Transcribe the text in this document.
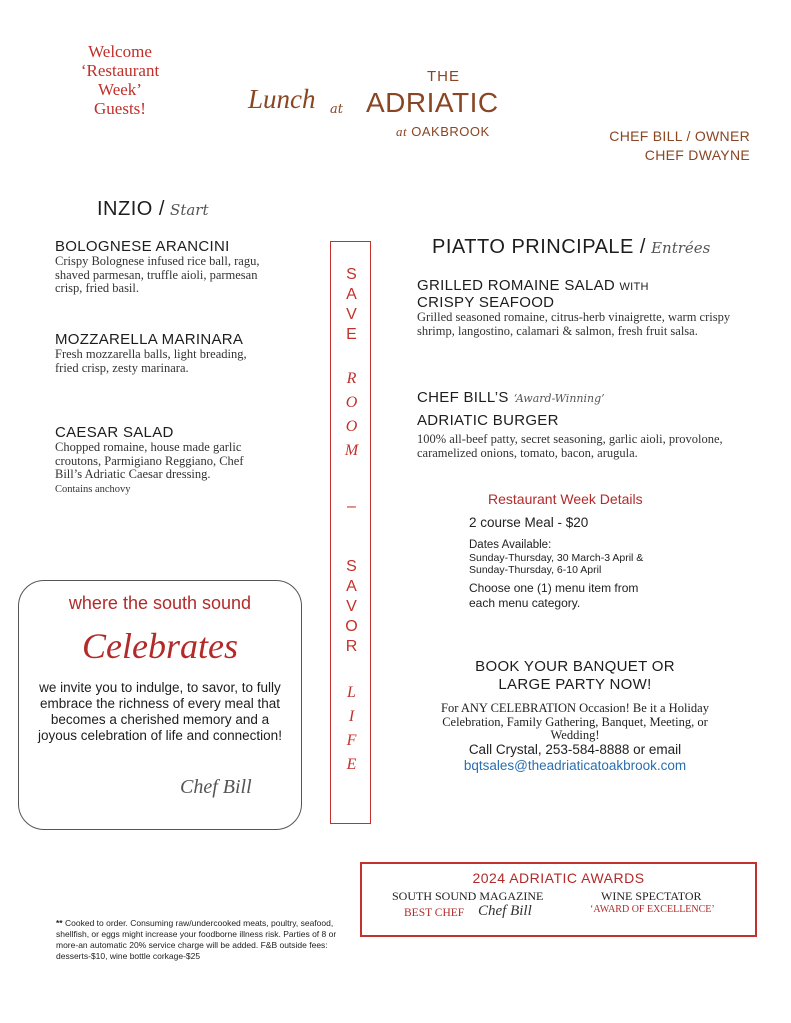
Welcome
‘Restaurant Week’
Guests!	Lunch at
THE
ADRIATIC
at OAKBROOK	CHEF BILL / OWNER
CHEF DWAYNE
INZIO / Start
BOLOGNESE ARANCINI
Crispy Bolognese infused rice ball, ragu, shaved parmesan, truffle aioli, parmesan crisp, fried basil.
MOZZARELLA MARINARA
Fresh mozzarella balls, light breading, fried crisp, zesty marinara.
CAESAR SALAD
Chopped romaine, house made garlic croutons, Parmigiano Reggiano, Chef Bill’s Adriatic Caesar dressing.
Contains anchovy
S
A
V
E
R
O
O
M
–
S
A
V
O
R
L
I
F
E
PIATTO PRINCIPALE / Entrées
GRILLED ROMAINE SALAD WITH
CRISPY SEAFOOD
Grilled seasoned romaine, citrus-herb vinaigrette, warm crispy shrimp, langostino, calamari & salmon, fresh fruit salsa.
CHEF BILL’S ‘Award-Winning’
ADRIATIC BURGER
100% all-beef patty, secret seasoning, garlic aioli, provolone, caramelized onions, tomato, bacon, arugula.
Restaurant Week Details
2 course Meal - $20
Dates Available:
Sunday-Thursday, 30 March-3 April &
Sunday-Thursday, 6-10 April
Choose one (1) menu item from
each menu category.
where the south sound
Celebrates
we invite you to indulge, to savor, to fully embrace the richness of every meal that becomes a cherished memory and a joyous celebration of life and connection!
Chef Bill
BOOK YOUR BANQUET OR
LARGE PARTY NOW!
For ANY CELEBRATION Occasion! Be it a Holiday Celebration, Family Gathering, Banquet, Meeting, or Wedding!
Call Crystal, 253-584-8888 or email
bqtsales@theadriaticatoakbrook.com
2024 ADRIATIC AWARDS
SOUTH SOUND MAGAZINE
BEST CHEF Chef Bill
WINE SPECTATOR
‘AWARD OF EXCELLENCE’
** Cooked to order. Consuming raw/undercooked meats, poultry, seafood, shellfish, or eggs might increase your foodborne illness risk. Parties of 8 or more-an automatic 20% service charge will be added. F&B outside fees: desserts-$10, wine bottle corkage-$25
